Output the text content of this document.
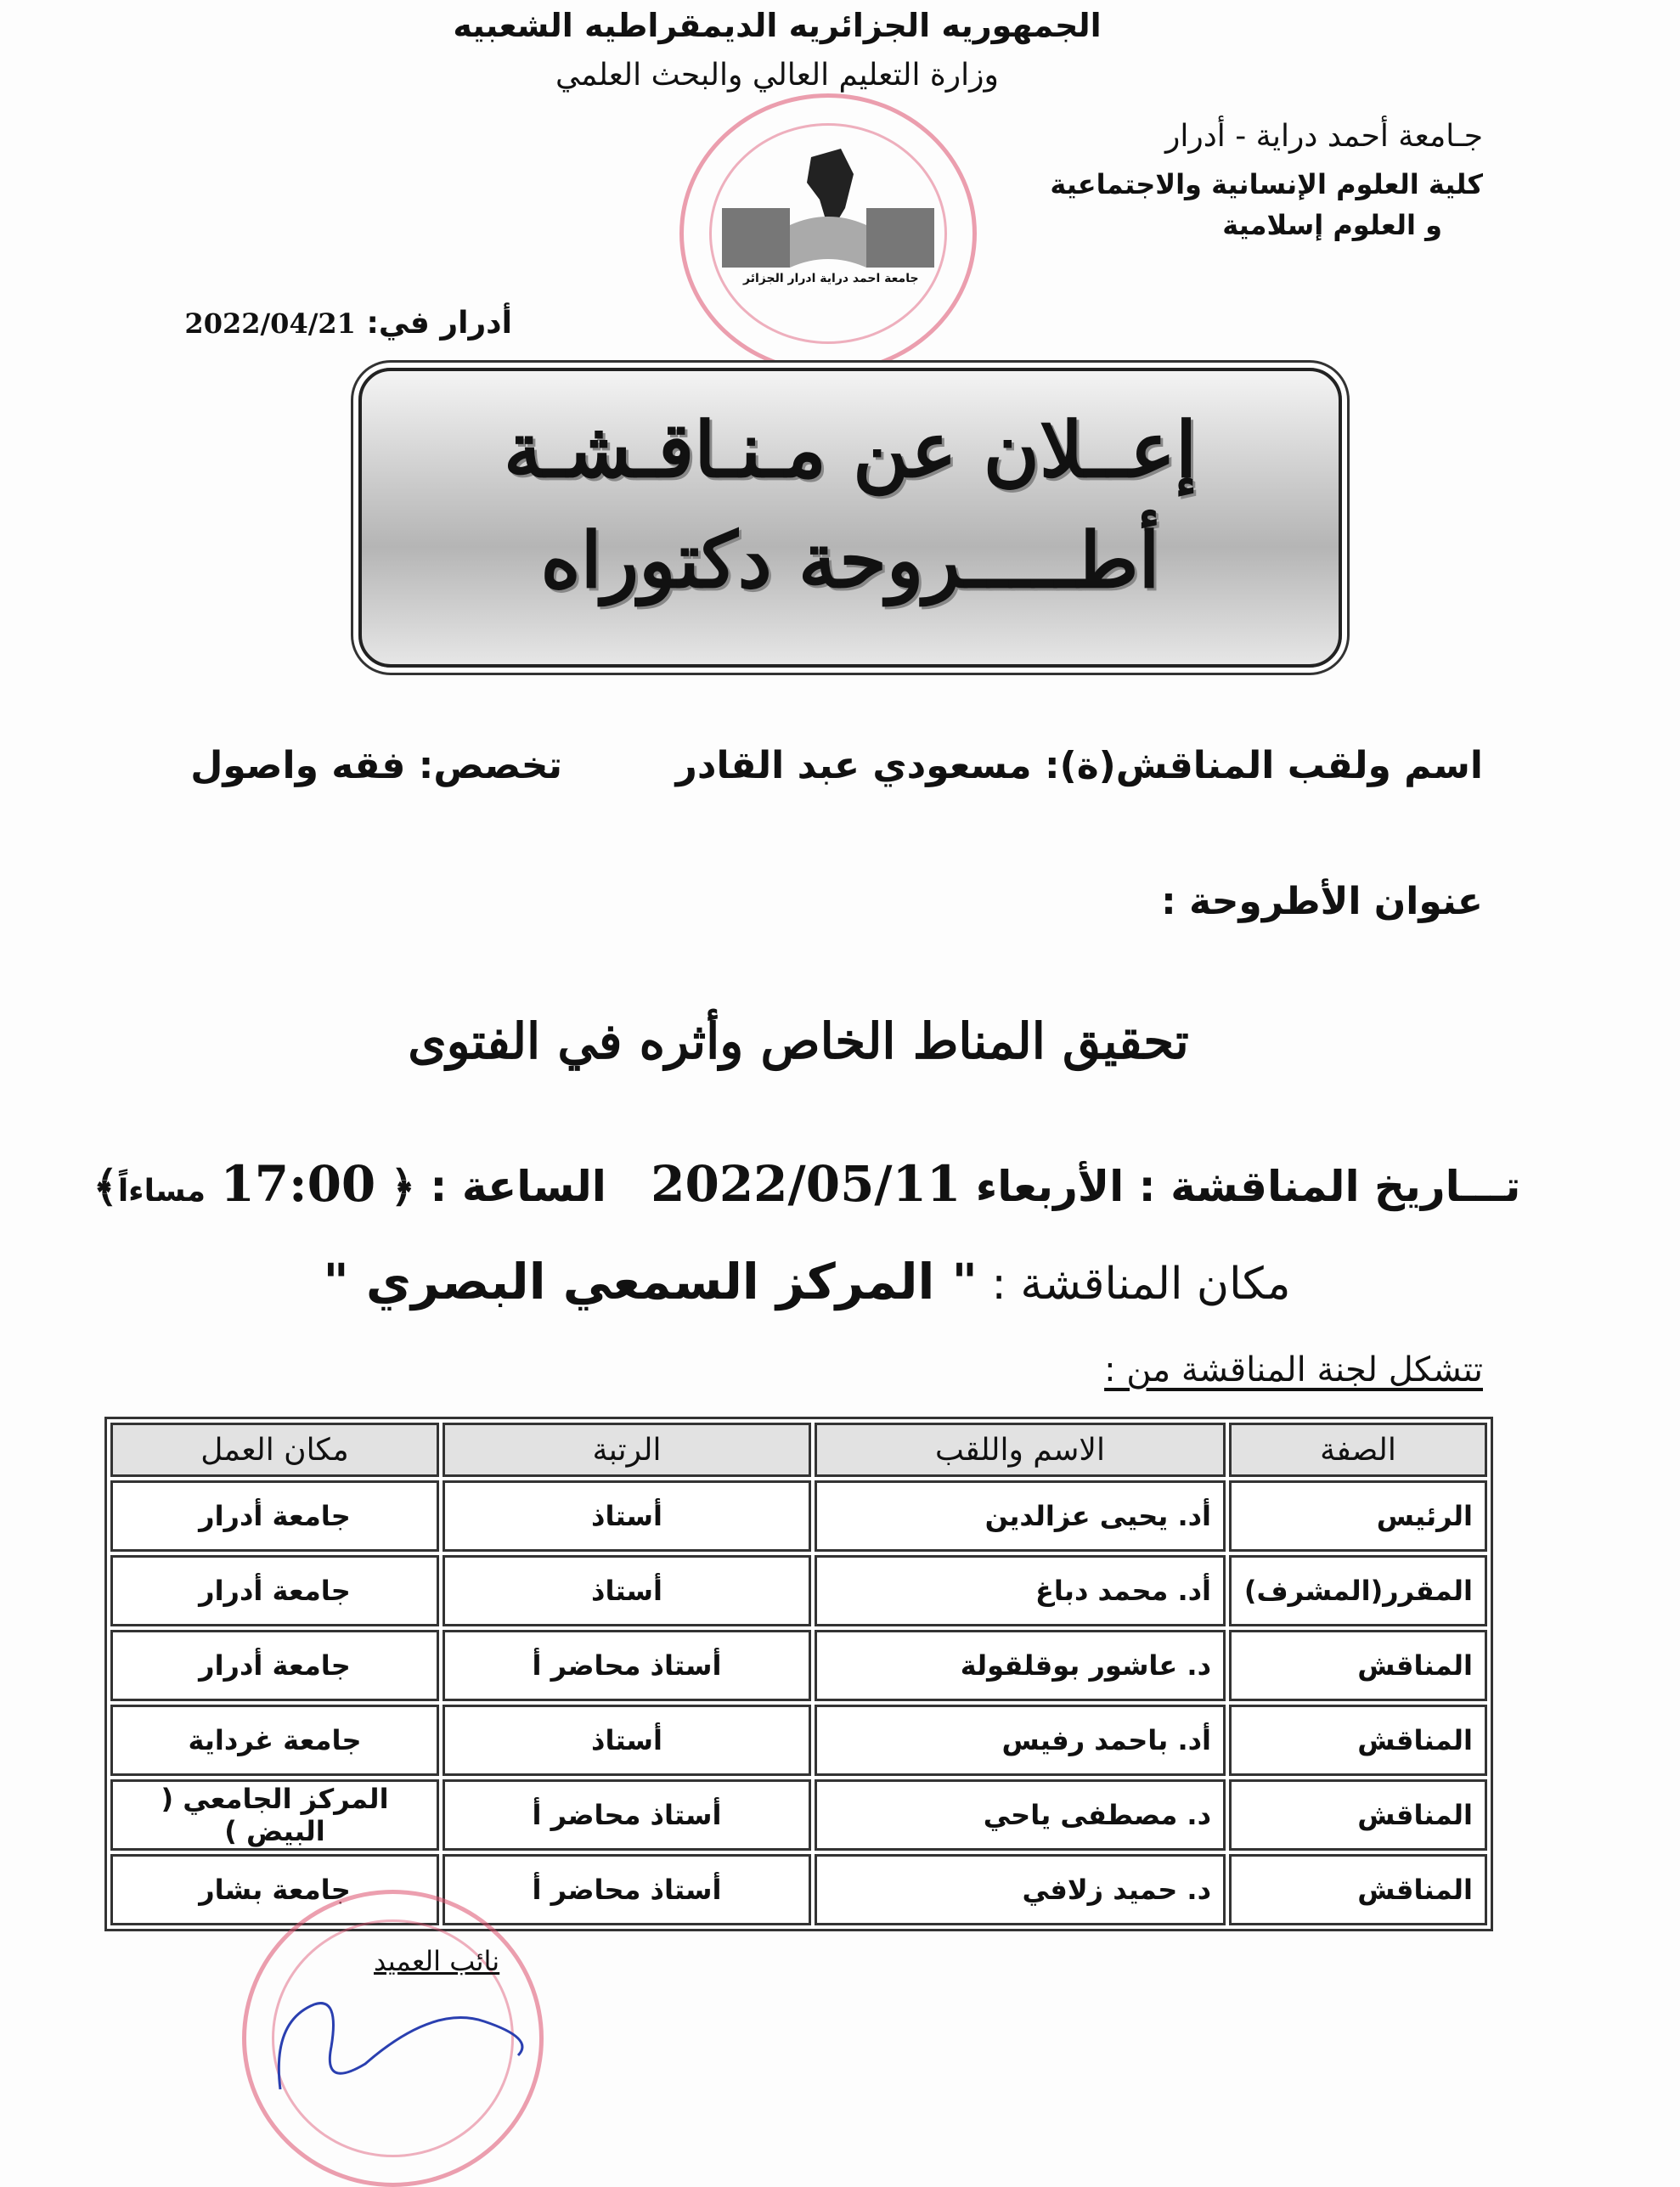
الجمهوريه الجزائريه الديمقراطيه الشعبيه
وزارة التعليم العالي والبحث العلمي
جـامعة أحمد دراية - أدرار
كلية العلوم الإنسانية والاجتماعية
و العلوم إسلامية
جامعة احمد دراية ادرار الجزائر
أدرار في: 2022/04/21
إعــلان عن مـنـاقـشـة
أطـــــروحة دكتوراه
اسم ولقب المناقش(ة): مسعودي عبد القادر
تخصص: فقه واصول
عنوان الأطروحة :
تحقيق المناط الخاص وأثره في الفتوى
تـــاريخ المناقشة : الأربعاء 2022/05/11   الساعة : ﴿ 17:00 مساءاً﴾
مكان المناقشة : " المركز السمعي البصري "
تتشكل لجنة المناقشة من :
الصفة	الاسم واللقب	الرتبة	مكان العمل
الرئيس	أد. يحيى عزالدين	أستاذ	جامعة أدرار
المقرر(المشرف)	أد. محمد دباغ	أستاذ	جامعة أدرار
المناقش	د. عاشور بوقلقولة	أستاذ محاضر أ	جامعة أدرار
المناقش	أد. باحمد رفيس	أستاذ	جامعة غرداية
المناقش	د. مصطفى ياحي	أستاذ محاضر أ	المركز الجامعي ( البيض )
المناقش	د. حميد زلافي	أستاذ محاضر أ	جامعة بشار
نائب العميد
